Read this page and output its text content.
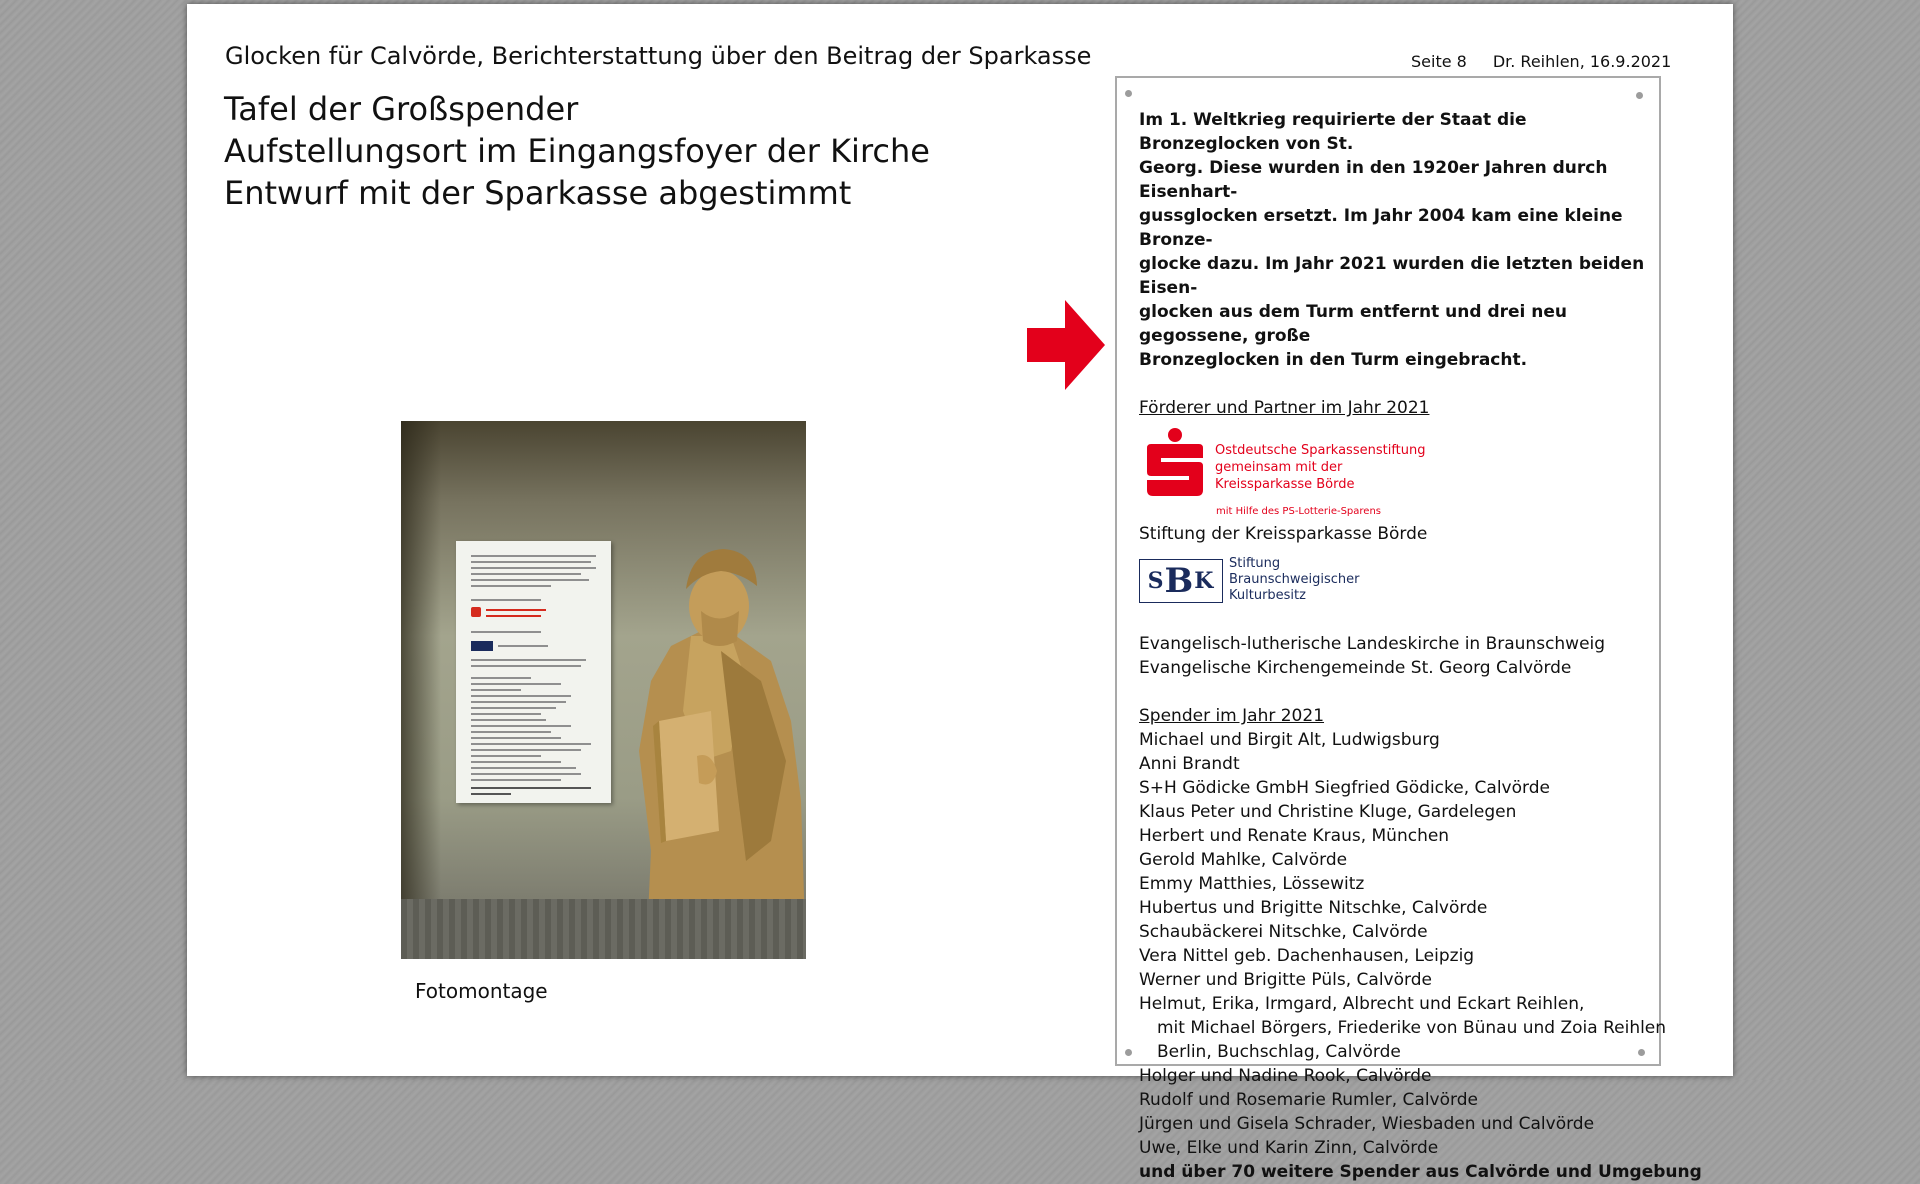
Glocken für Calvörde, Berichterstattung über den Beitrag der Sparkasse	Seite 8 Dr. Reihlen, 16.9.2021
Tafel der Großspender
Aufstellungsort im Eingangsfoyer der Kirche
Entwurf mit der Sparkasse abgestimmt
Fotomontage
Im 1. Weltkrieg requirierte der Staat die Bronzeglocken von St.
Georg. Diese wurden in den 1920er Jahren durch Eisenhart-
gussglocken ersetzt. Im Jahr 2004 kam eine kleine Bronze-
glocke dazu. Im Jahr 2021 wurden die letzten beiden Eisen-
glocken aus dem Turm entfernt und drei neu gegossene, große
Bronzeglocken in den Turm eingebracht.
Förderer und Partner im Jahr 2021
Ostdeutsche Sparkassenstiftung
gemeinsam mit der
Kreissparkasse Börde
mit Hilfe des PS-Lotterie-Sparens
Stiftung der Kreissparkasse Börde
S B K
Stiftung
Braunschweigischer
Kulturbesitz
Evangelisch-lutherische Landeskirche in Braunschweig
Evangelische Kirchengemeinde St. Georg Calvörde
Spender im Jahr 2021
Michael und Birgit Alt, Ludwigsburg
Anni Brandt
S+H Gödicke GmbH Siegfried Gödicke, Calvörde
Klaus Peter und Christine Kluge, Gardelegen
Herbert und Renate Kraus, München
Gerold Mahlke, Calvörde
Emmy Matthies, Lössewitz
Hubertus und Brigitte Nitschke, Calvörde
Schaubäckerei Nitschke, Calvörde
Vera Nittel geb. Dachenhausen, Leipzig
Werner und Brigitte Püls, Calvörde
Helmut, Erika, Irmgard, Albrecht und Eckart Reihlen,
mit Michael Börgers, Friederike von Bünau und Zoia Reihlen
Berlin, Buchschlag, Calvörde
Holger und Nadine Rook, Calvörde
Rudolf und Rosemarie Rumler, Calvörde
Jürgen und Gisela Schrader, Wiesbaden und Calvörde
Uwe, Elke und Karin Zinn, Calvörde
und über 70 weitere Spender aus Calvörde und Umgebung
